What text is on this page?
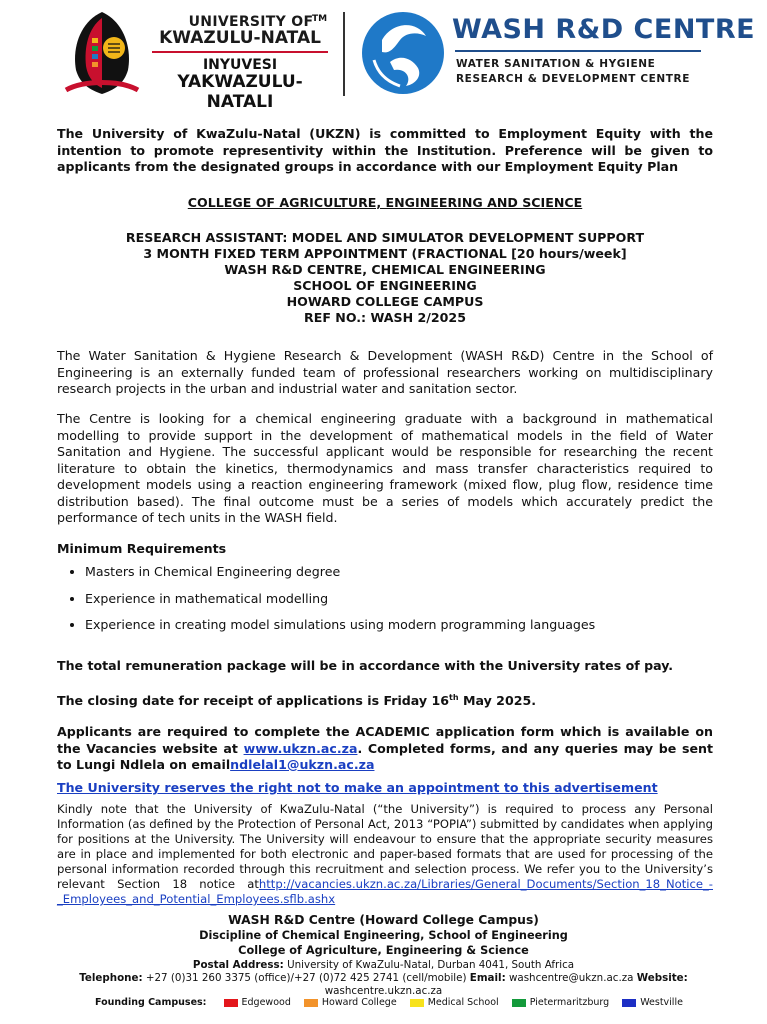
UNIVERSITY OF
TM
KWAZULU-NATAL
INYUVESI
YAKWAZULU-NATALI
WASH R&D CENTRE
WATER SANITATION & HYGIENE
RESEARCH & DEVELOPMENT CENTRE
The University of KwaZulu-Natal (UKZN) is committed to Employment Equity with the intention to promote representivity within the Institution. Preference will be given to applicants from the designated groups in accordance with our Employment Equity Plan
COLLEGE OF AGRICULTURE, ENGINEERING AND SCIENCE
RESEARCH ASSISTANT: MODEL AND SIMULATOR DEVELOPMENT SUPPORT
3 MONTH FIXED TERM APPOINTMENT (FRACTIONAL [20 hours/week]
WASH R&D CENTRE, CHEMICAL ENGINEERING
SCHOOL OF ENGINEERING
HOWARD COLLEGE CAMPUS
REF NO.: WASH 2/2025
The Water Sanitation & Hygiene Research & Development (WASH R&D) Centre in the School of Engineering is an externally funded team of professional researchers working on multidisciplinary research projects in the urban and industrial water and sanitation sector.
The Centre is looking for a chemical engineering graduate with a background in mathematical modelling to provide support in the development of mathematical models in the field of Water Sanitation and Hygiene. The successful applicant would be responsible for researching the recent literature to obtain the kinetics, thermodynamics and mass transfer characteristics required to development models using a reaction engineering framework (mixed flow, plug flow, residence time distribution based). The final outcome must be a series of models which accurately predict the performance of tech units in the WASH field.
Minimum Requirements
• Masters in Chemical Engineering degree
• Experience in mathematical modelling
• Experience in creating model simulations using modern programming languages
The total remuneration package will be in accordance with the University rates of pay.
The closing date for receipt of applications is Friday 16th May 2025.
Applicants are required to complete the ACADEMIC application form which is available on the Vacancies website at www.ukzn.ac.za. Completed forms, and any queries may be sent to Lungi Ndlela on emailndlelal1@ukzn.ac.za
The University reserves the right not to make an appointment to this advertisement
Kindly note that the University of KwaZulu-Natal (“the University”) is required to process any Personal Information (as defined by the Protection of Personal Act, 2013 “POPIA”) submitted by candidates when applying for positions at the University. The University will endeavour to ensure that the appropriate security measures are in place and implemented for both electronic and paper-based formats that are used for processing of the personal information recorded through this recruitment and selection process. We refer you to the University’s relevant Section 18 notice athttp://vacancies.ukzn.ac.za/Libraries/General_Documents/Section_18_Notice_-_Employees_and_Potential_Employees.sflb.ashx
WASH R&D Centre (Howard College Campus)
Discipline of Chemical Engineering, School of Engineering
College of Agriculture, Engineering & Science
Postal Address: University of KwaZulu-Natal, Durban 4041, South Africa
Telephone: +27 (0)31 260 3375 (office)/+27 (0)72 425 2741 (cell/mobile) Email: washcentre@ukzn.ac.za Website:
washcentre.ukzn.ac.za
Founding Campuses:	Edgewood	Howard College	Medical School	Pietermaritzburg	Westville
